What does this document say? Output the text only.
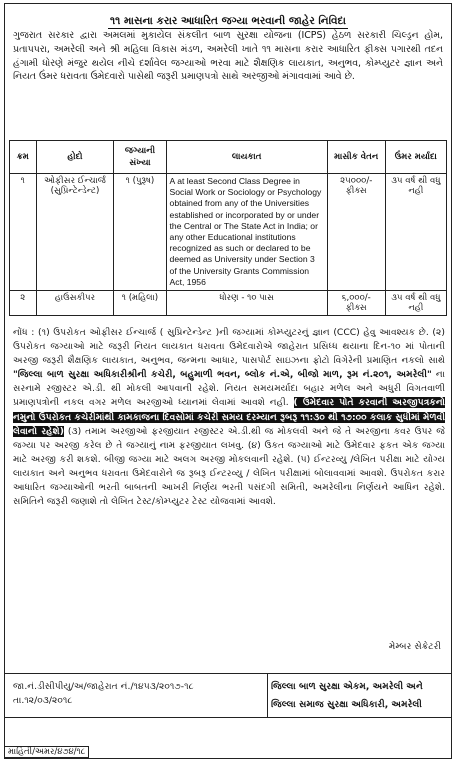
૧૧ માસના કરાર આધારિત જગ્યા ભરવાની જાહેર નિવિદા
ગુજરાત સરકાર દ્વારા અમલમાં મુકાયેલ સંકલીત બાળ સુરક્ષા યોજના (ICPS) હેઠળ સરકારી ચિલ્ડ્રન હોમ, પ્રતાપપરા, અમરેલી અને શ્રી મહિલા વિકાસ મંડળ, અમરેલી ખાતે ૧૧ માસના કરાર આધારિત ફીક્સ પગારથી તદન હંગામી ધોરણે મંજુર થયેલ નીચે દર્શાવેલ જગ્યાઓ ભરવા માટે શૈક્ષણિક લાયકાત, અનુભવ, કોમ્પ્યુટર જ્ઞાન અને નિયત ઉંમર ધરાવતા ઉમેદવારો પાસેથી જરૂરી પ્રમાણપત્રો સાથે અરજીઓ મંગાવવામાં આવે છે.
ક્રમ	હોદો	જગ્યાની સંખ્યા	લાયકાત	માસીક વેતન	ઉંમર મર્યાદા
૧	ઓફીસર ઈન્ચાર્જ (સુપ્રિન્ટેન્ડેન્ટ)	૧ (પુરૂષ)	A at least Second Class Degree in Social Work or Sociology or Psychology obtained from any of the Universities established or incorporated by or under the Central or The State Act in India; or any other Educational institutions recognized as such or declared to be deemed as University under Section 3 of the University Grants Commission Act, 1956	૨૫૦૦૦/- ફીક્સ	૩૫ વર્ષ થી વધુ નહી
૨	હાઉસકીપર	૧ (મહિલા)	ધોરણ - ૧૦ પાસ	૬,૦૦૦/- ફીક્સ	૩૫ વર્ષ થી વધુ નહી
નોંધ : (૧) ઉપરોકત ઓફીસર ઈન્ચાર્જ ( સુપ્રિન્ટેન્ડેન્ટ )ની જગ્યામાં કોમ્પ્યુટરનું જ્ઞાન (CCC) હેવુ આવશ્યક છે. (૨) ઉપરોકત જગ્યાઓ માટે જરૂરી નિયત લાયકાત ધરાવતા ઉમેદવારોએ જાહેરાત પ્રસિધ્ધ થયાના દિન-૧૦ માં પોતાની અરજી જરૂરી શૈક્ષણિક લાયકાત, અનુભવ, જન્મના આધાર, પાસપોર્ટ સાઇઝના ફોટો વિગેરેની પ્રમાણિત નકલો સાથે "જિલ્લા બાળ સુરક્ષા અધિકારીશ્રીની કચેરી, બહુમાળી ભવન, બ્લોક નં.એ, બીજો માળ, રૂમ નં.૨૦૧, અમરેલી" ના સરનામે રજીસ્ટર એ.ડી. થી મોકલી આપવાની રહેશે. નિયત સમયમર્યાદા બહાર મળેલ અને અધુરી વિગતવાળી પ્રમાણપત્રોની નકલ વગર મળેલ અરજીઓ ધ્યાનમાં લેવામાં આવશે નહી. ( ઉમેદવાર પોતે કરવાની અરજીપત્રકનો નમુનો ઉપરોકત કચેરીમાંથી કામકાજના દિવસોમાં કચેરી સમય દરમ્યાન રૂબરૂ ૧૧:૩૦ થી ૧૭:૦૦ કલાક સુધીમાં મેળવી લેવાનો રહેશે) (૩) તમામ અરજીઓ ફરજીયાત રજીસ્ટર એ.ડી.થી જ મોકલવી અને જે તે અરજીના કવર ઉપર જે જગ્યા પર અરજી કરેલ છે તે જગ્યાનું નામ ફરજીયાત લખવુ. (૪) ઉકત જગ્યાઓ માટે ઉમેદવાર ફકત એક જગ્યા માટે અરજી કરી શકશે. બીજી જગ્યા માટે અલગ અરજી મોકલવાની રહેશે. (૫) ઈન્ટરવ્યુ /લેખિત પરીક્ષા માટે યોગ્ય લાયકાત અને અનુભવ ધરાવતા ઉમેદવારોને જ રૂબરૂ ઈન્ટરવ્યુ / લેખિત પરીક્ષામાં બોલાવવામાં આવશે. ઉપરોકત કરાર આધારિત જગ્યાઓની ભરતી બાબતની આખરી નિર્ણય ભરતી પસંદગી સમિતી, અમરેલીના નિર્ણયને આધિન રહેશે. સમિતિને જરૂરી જણાશે તો લેખિત ટેસ્ટ/કોમ્પ્યુટર ટેસ્ટ યોજવામાં આવશે.
મેમ્બર સેક્રેટરી
જા.નં.ડીસીપીયુ/અ/જાહેરાત નં./૧૪૫૩/૨૦૧૭-૧૮
તા.૧૨/૦૩/૨૦૧૮
જિલ્લા બાળ સુરક્ષા એકમ, અમરેલી અને
જિલ્લા સમાજ સુરક્ષા અધિકારી, અમરેલી
માહિતી/અમર/૪૭૪/૧૮
